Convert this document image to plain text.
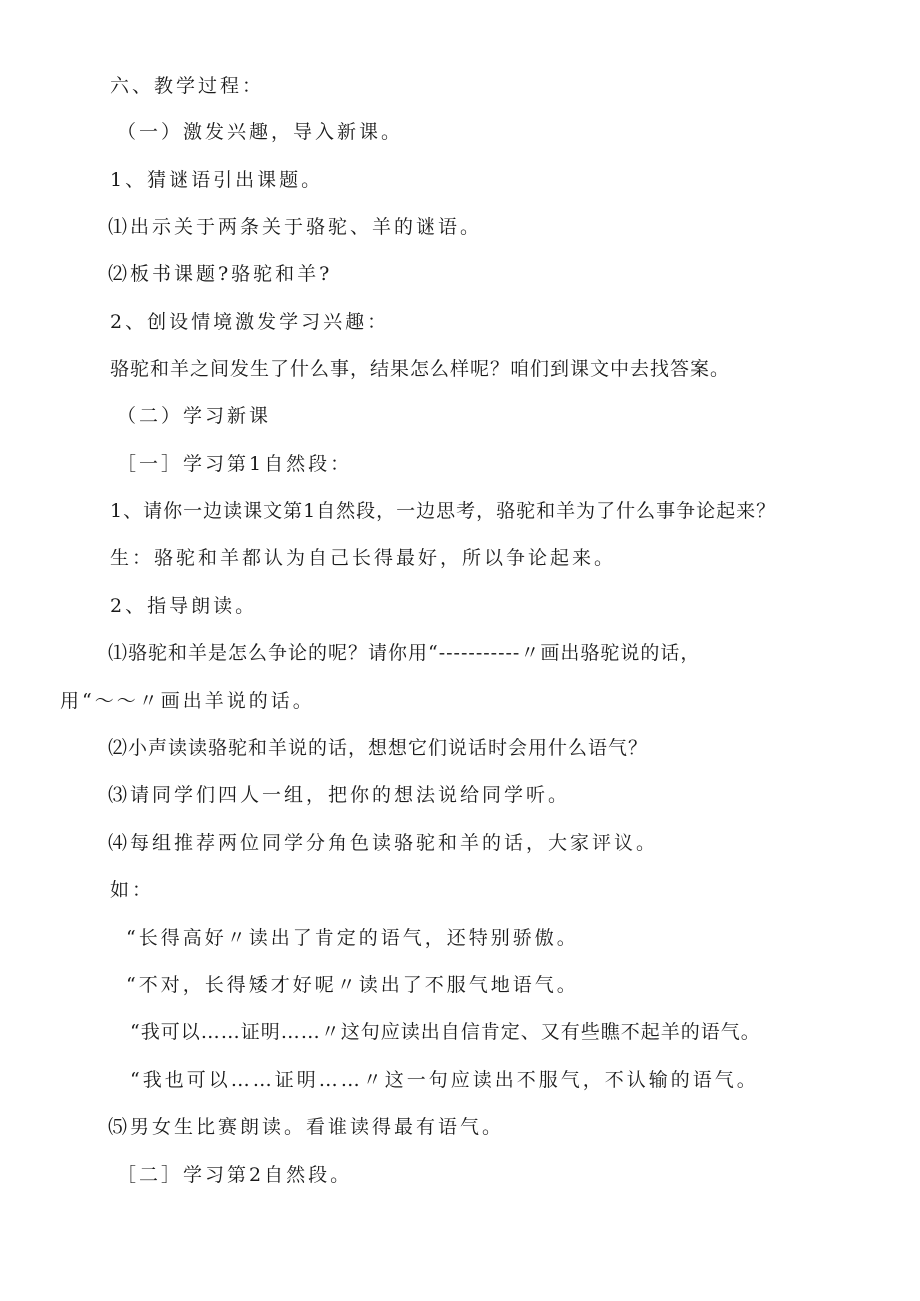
六、教学过程：
（一）激发兴趣，导入新课。
1、猜谜语引出课题。
⑴出示关于两条关于骆驼、羊的谜语。
⑵板书课题?骆驼和羊?
2、创设情境激发学习兴趣：
骆驼和羊之间发生了什么事，结果怎么样呢？咱们到课文中去找答案。
（二）学习新课
［一］学习第1自然段：
1、请你一边读课文第1自然段，一边思考，骆驼和羊为了什么事争论起来？
生：骆驼和羊都认为自己长得最好，所以争论起来。
2、指导朗读。
⑴骆驼和羊是怎么争论的呢？请你用“-----------〃画出骆驼说的话，
用“～～〃画出羊说的话。
⑵小声读读骆驼和羊说的话，想想它们说话时会用什么语气？
⑶请同学们四人一组，把你的想法说给同学听。
⑷每组推荐两位同学分角色读骆驼和羊的话，大家评议。
如：
“长得高好〃读出了肯定的语气，还特别骄傲。
“不对，长得矮才好呢〃读出了不服气地语气。
“我可以……证明……〃这句应读出自信肯定、又有些瞧不起羊的语气。
“我也可以……证明……〃这一句应读出不服气，不认输的语气。
⑸男女生比赛朗读。看谁读得最有语气。
［二］学习第2自然段。
